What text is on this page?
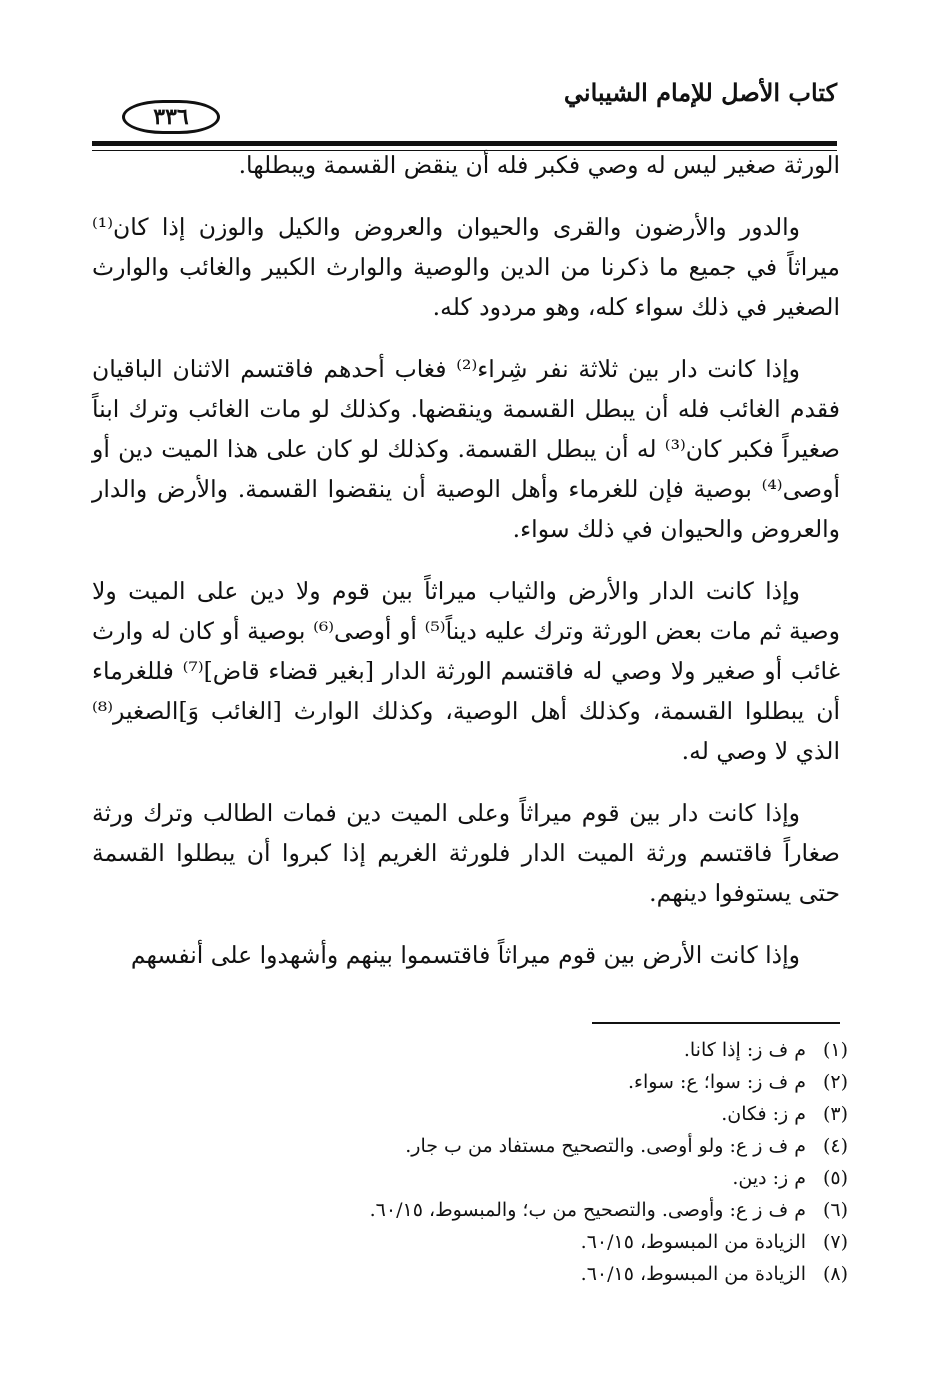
كتاب الأصل للإمام الشيباني
٣٣٦

الورثة صغير ليس له وصي فكبر فله أن ينقض القسمة ويبطلها.

والدور والأرضون والقرى والحيوان والعروض والكيل والوزن إذا كان⁽¹⁾ ميراثاً في جميع ما ذكرنا من الدين والوصية والوارث الكبير والغائب والوارث الصغير في ذلك سواء كله، وهو مردود كله.

وإذا كانت دار بين ثلاثة نفر شِراء⁽²⁾ فغاب أحدهم فاقتسم الاثنان الباقيان فقدم الغائب فله أن يبطل القسمة وينقضها. وكذلك لو مات الغائب وترك ابناً صغيراً فكبر كان⁽³⁾ له أن يبطل القسمة. وكذلك لو كان على هذا الميت دين أو أوصى⁽⁴⁾ بوصية فإن للغرماء وأهل الوصية أن ينقضوا القسمة. والأرض والدار والعروض والحيوان في ذلك سواء.

وإذا كانت الدار والأرض والثياب ميراثاً بين قوم ولا دين على الميت ولا وصية ثم مات بعض الورثة وترك عليه ديناً⁽⁵⁾ أو أوصى⁽⁶⁾ بوصية أو كان له وارث غائب أو صغير ولا وصي له فاقتسم الورثة الدار [بغير قضاء قاض]⁽⁷⁾ فللغرماء أن يبطلوا القسمة، وكذلك أهل الوصية، وكذلك الوارث [الغائب وَ]الصغير⁽⁸⁾ الذي لا وصي له.

وإذا كانت دار بين قوم ميراثاً وعلى الميت دين فمات الطالب وترك ورثة صغاراً فاقتسم ورثة الميت الدار فلورثة الغريم إذا كبروا أن يبطلوا القسمة حتى يستوفوا دينهم.

وإذا كانت الأرض بين قوم ميراثاً فاقتسموا بينهم وأشهدوا على أنفسهم

(١)
م ف ز: إذا كانا.
(٢)
م ف ز: سوا؛ ع: سواء.
(٣)
م ز: فكان.
(٤)
م ف ز ع: ولو أوصى. والتصحيح مستفاد من ب جار.
(٥)
م ز: دين.
(٦)
م ف ز ع: وأوصى. والتصحيح من ب؛ والمبسوط، ٦٠/١٥.
(٧)
الزيادة من المبسوط، ٦٠/١٥.
(٨)
الزيادة من المبسوط، ٦٠/١٥.
